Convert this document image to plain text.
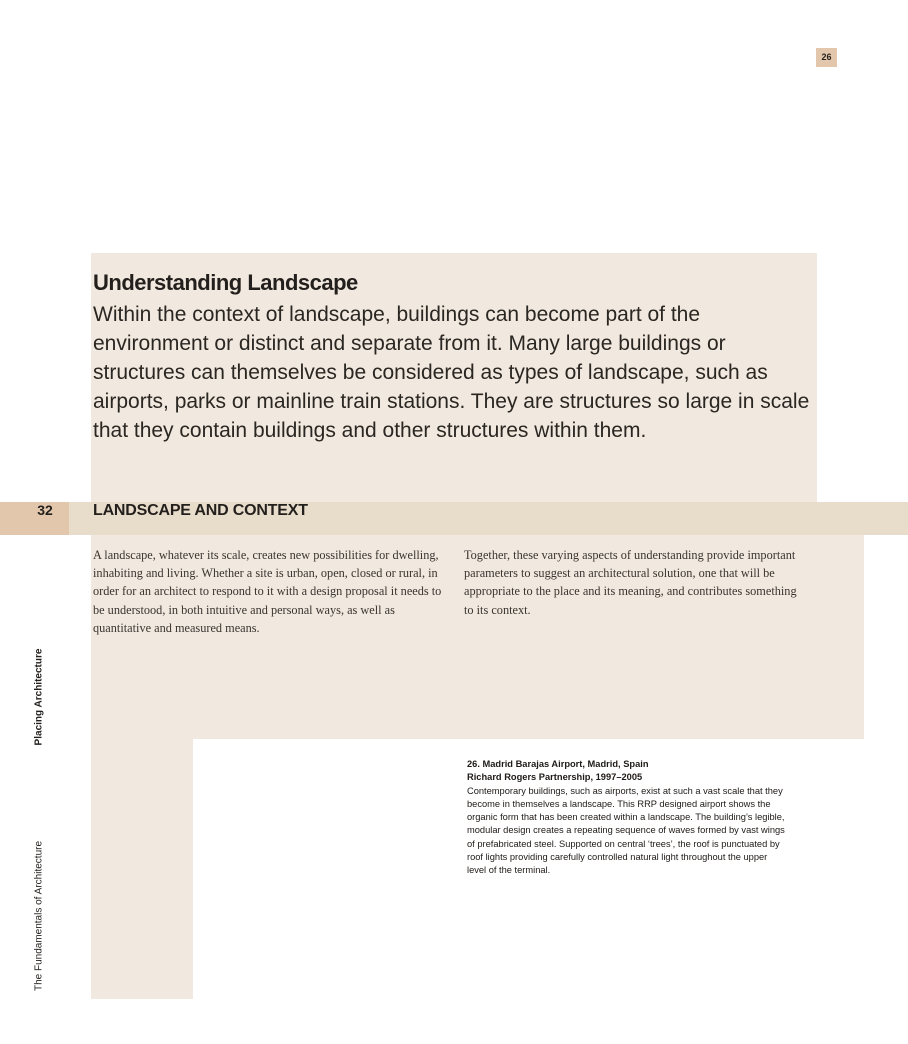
26
Understanding Landscape
Within the context of landscape, buildings can become part of the environment or distinct and separate from it. Many large buildings or structures can themselves be considered as types of landscape, such as airports, parks or mainline train stations. They are structures so large in scale that they contain buildings and other structures within them.
32	LANDSCAPE AND CONTEXT
A landscape, whatever its scale, creates new possibilities for dwelling, inhabiting and living. Whether a site is urban, open, closed or rural, in order for an architect to respond to it with a design proposal it needs to be understood, in both intuitive and personal ways, as well as quantitative and measured means.
Together, these varying aspects of understanding provide important parameters to suggest an architectural solution, one that will be appropriate to the place and its meaning, and contributes something to its context.
26. Madrid Barajas Airport, Madrid, Spain
Richard Rogers Partnership, 1997–2005
Contemporary buildings, such as airports, exist at such a vast scale that they become in themselves a landscape. This RRP designed airport shows the organic form that has been created within a landscape. The building’s legible, modular design creates a repeating sequence of waves formed by vast wings of prefabricated steel. Supported on central ‘trees’, the roof is punctuated by roof lights providing carefully controlled natural light throughout the upper level of the terminal.
Placing Architecture
The Fundamentals of Architecture
